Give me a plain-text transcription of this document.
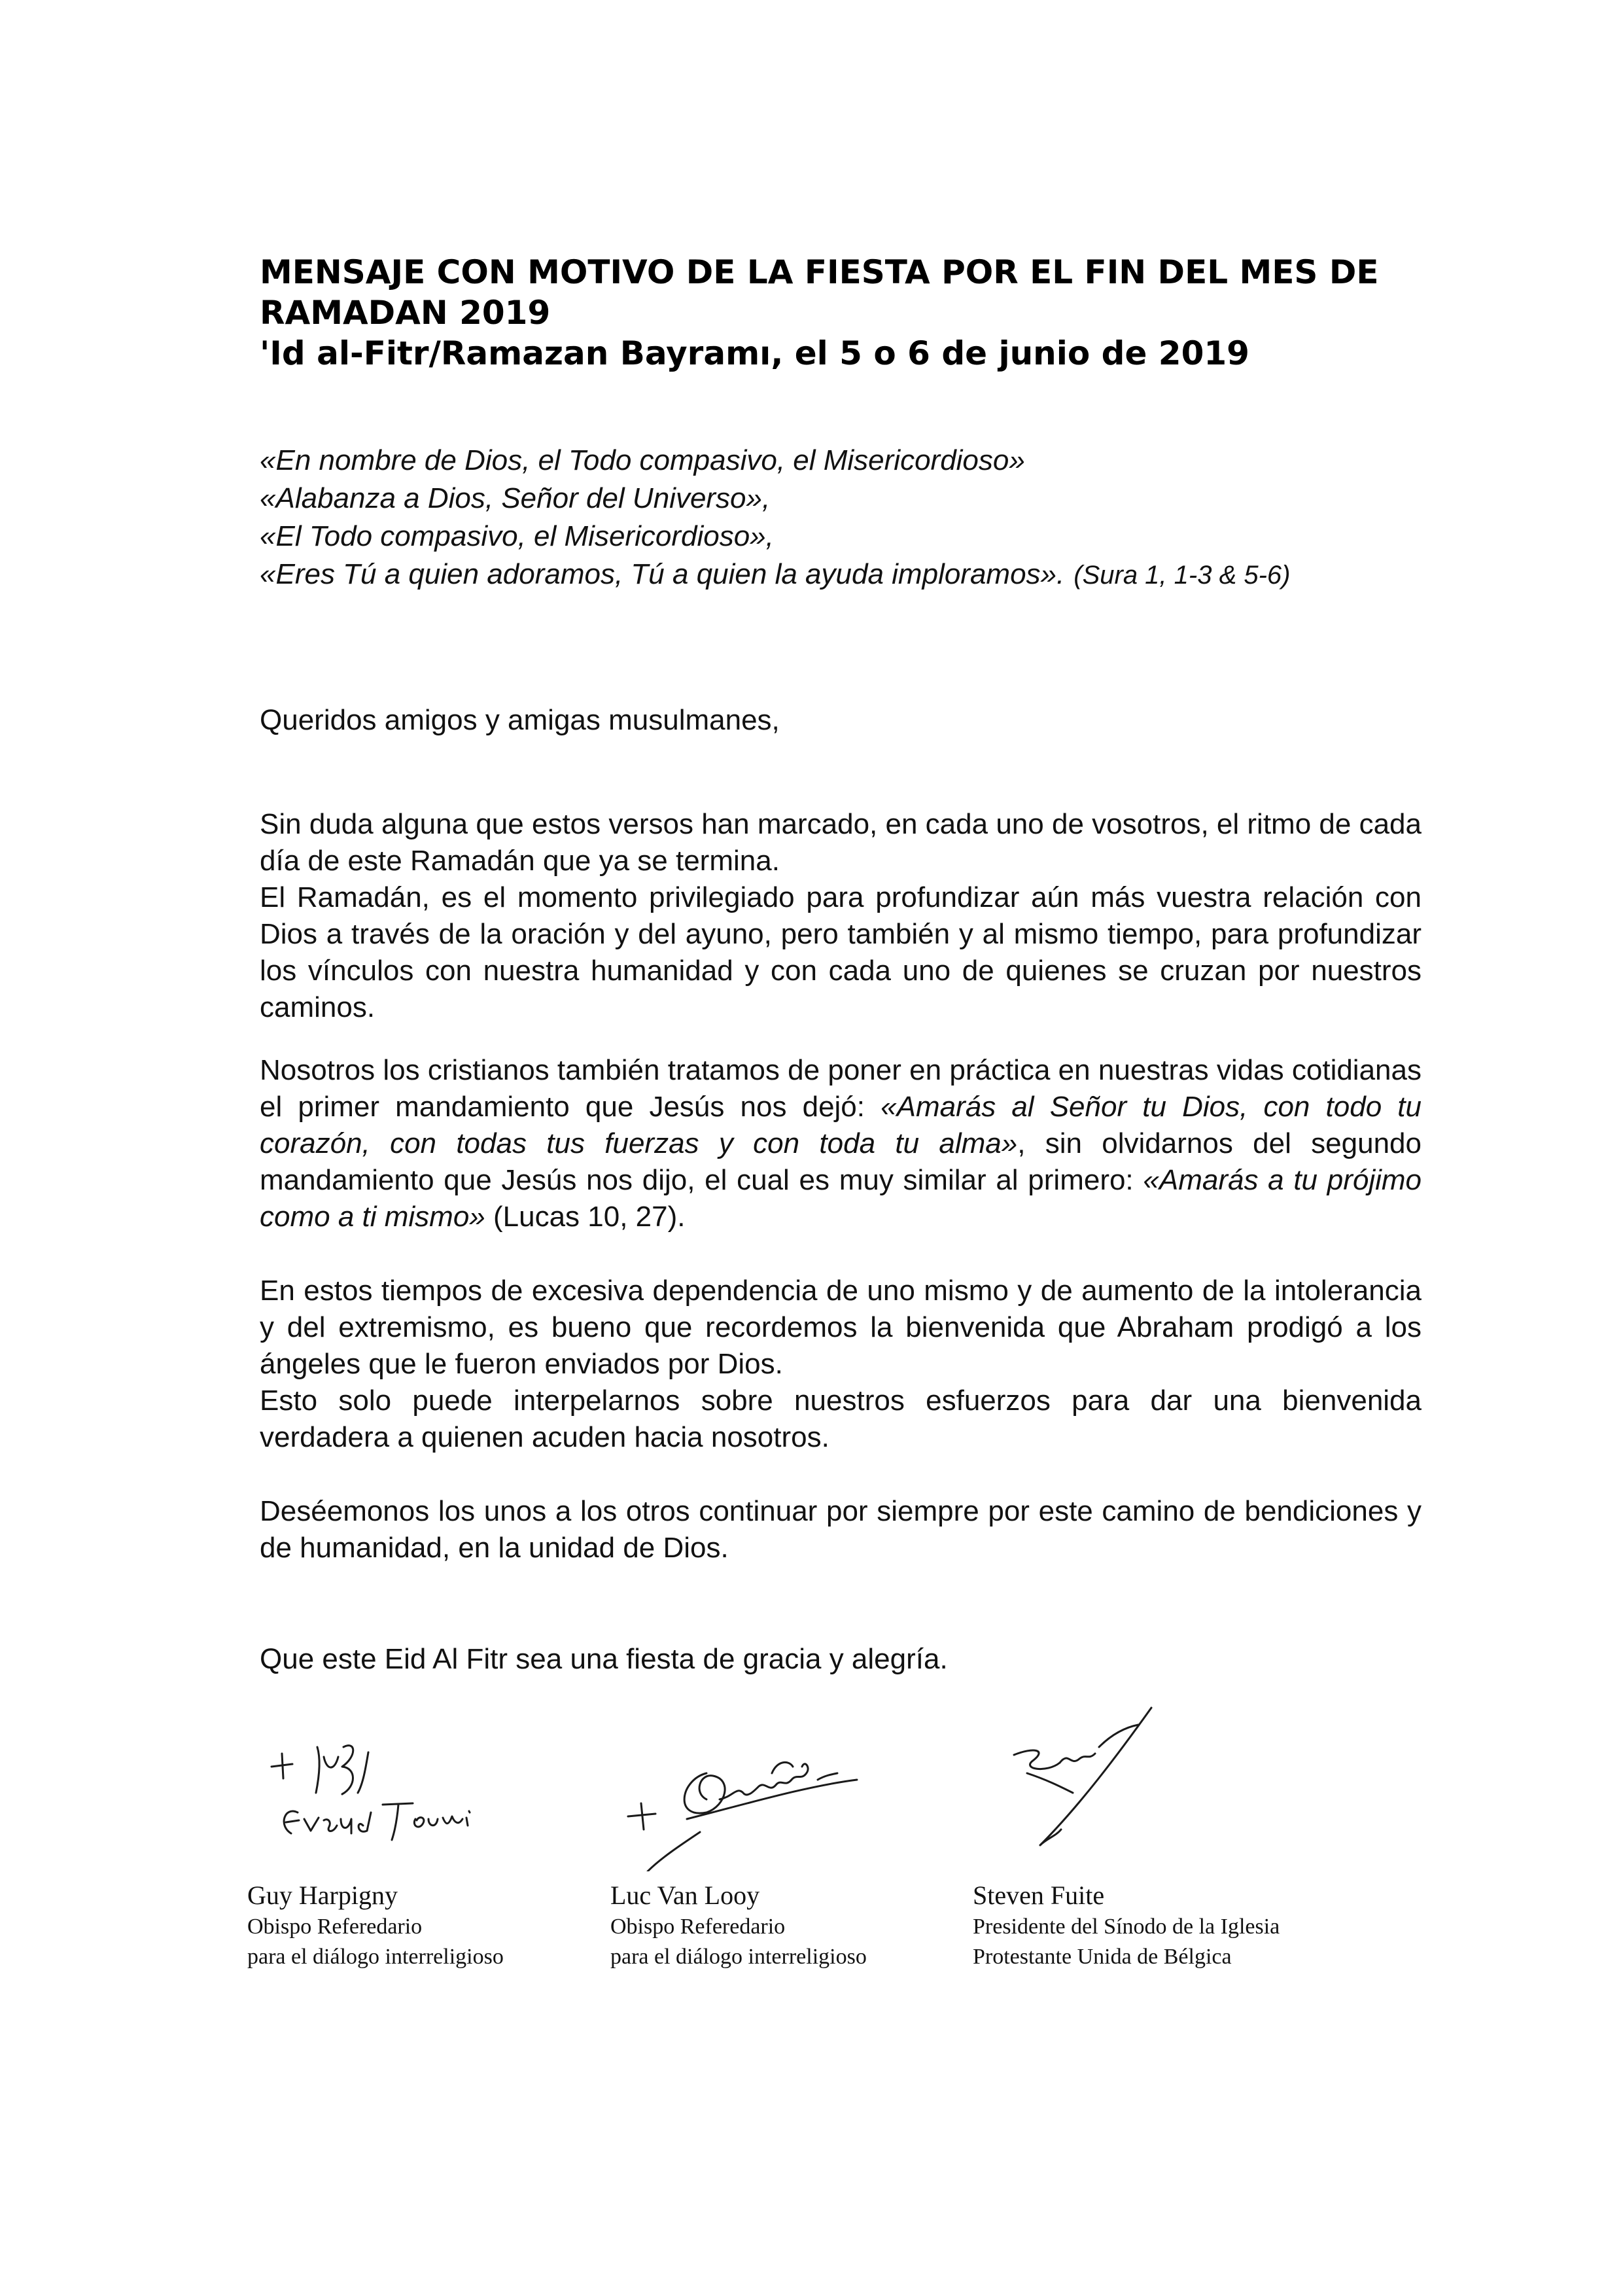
MENSAJE CON MOTIVO DE LA FIESTA POR EL FIN DEL MES DE
RAMADAN 2019
'Id al-Fitr/Ramazan Bayramı, el 5 o 6 de junio de 2019
«En nombre de Dios, el Todo compasivo, el Misericordioso»
«Alabanza a Dios, Señor del Universo»,
«El Todo compasivo, el Misericordioso»,
«Eres Tú a quien adoramos, Tú a quien la ayuda imploramos». (Sura 1, 1-3 & 5-6)
Queridos amigos y amigas musulmanes,

Sin duda alguna que estos versos han marcado, en cada uno de vosotros, el ritmo de cada día de este Ramadán que ya se termina.

El Ramadán, es el momento privilegiado para profundizar aún más vuestra relación con Dios a través de la oración y del ayuno, pero también y al mismo tiempo, para profundizar los vínculos con nuestra humanidad y con cada uno de quienes se cruzan por nuestros caminos.

Nosotros los cristianos también tratamos de poner en práctica en nuestras vidas cotidianas el primer mandamiento que Jesús nos dejó: «Amarás al Señor tu Dios, con todo tu corazón, con todas tus fuerzas y con toda tu alma», sin olvidarnos del segundo mandamiento que Jesús nos dijo, el cual es muy similar al primero: «Amarás a tu prójimo como a ti mismo» (Lucas 10, 27).

En estos tiempos de excesiva dependencia de uno mismo y de aumento de la intolerancia y del extremismo, es bueno que recordemos la bienvenida que Abraham prodigó a los ángeles que le fueron enviados por Dios.

Esto solo puede interpelarnos sobre nuestros esfuerzos para dar una bienvenida verdadera a quienen acuden hacia nosotros.

Deséemonos los unos a los otros continuar por siempre por este camino de bendiciones y de humanidad, en la unidad de Dios.

Que este Eid Al Fitr sea una fiesta de gracia y alegría.

Guy Harpigny
Obispo Referedario
para el diálogo interreligioso
Luc Van Looy
Obispo Referedario
para el diálogo interreligioso
Steven Fuite
Presidente del Sínodo de la Iglesia
Protestante Unida de Bélgica
